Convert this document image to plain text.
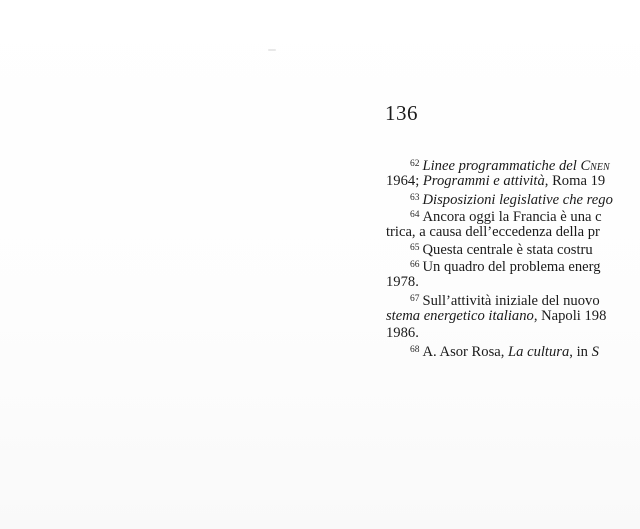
136
$^{62}$ Linee programmatiche del Cnen
1964; Programmi e attività, Roma 19
$^{63}$ Disposizioni legislative che rego
$^{64}$ Ancora oggi la Francia è una c
trica, a causa dell’eccedenza della pr
$^{65}$ Questa centrale è stata costru
$^{66}$ Un quadro del problema energ
1978.
$^{67}$ Sull’attività iniziale del nuovo
stema energetico italiano, Napoli 198
1986.
$^{68}$ A. Asor Rosa, La cultura, in S
